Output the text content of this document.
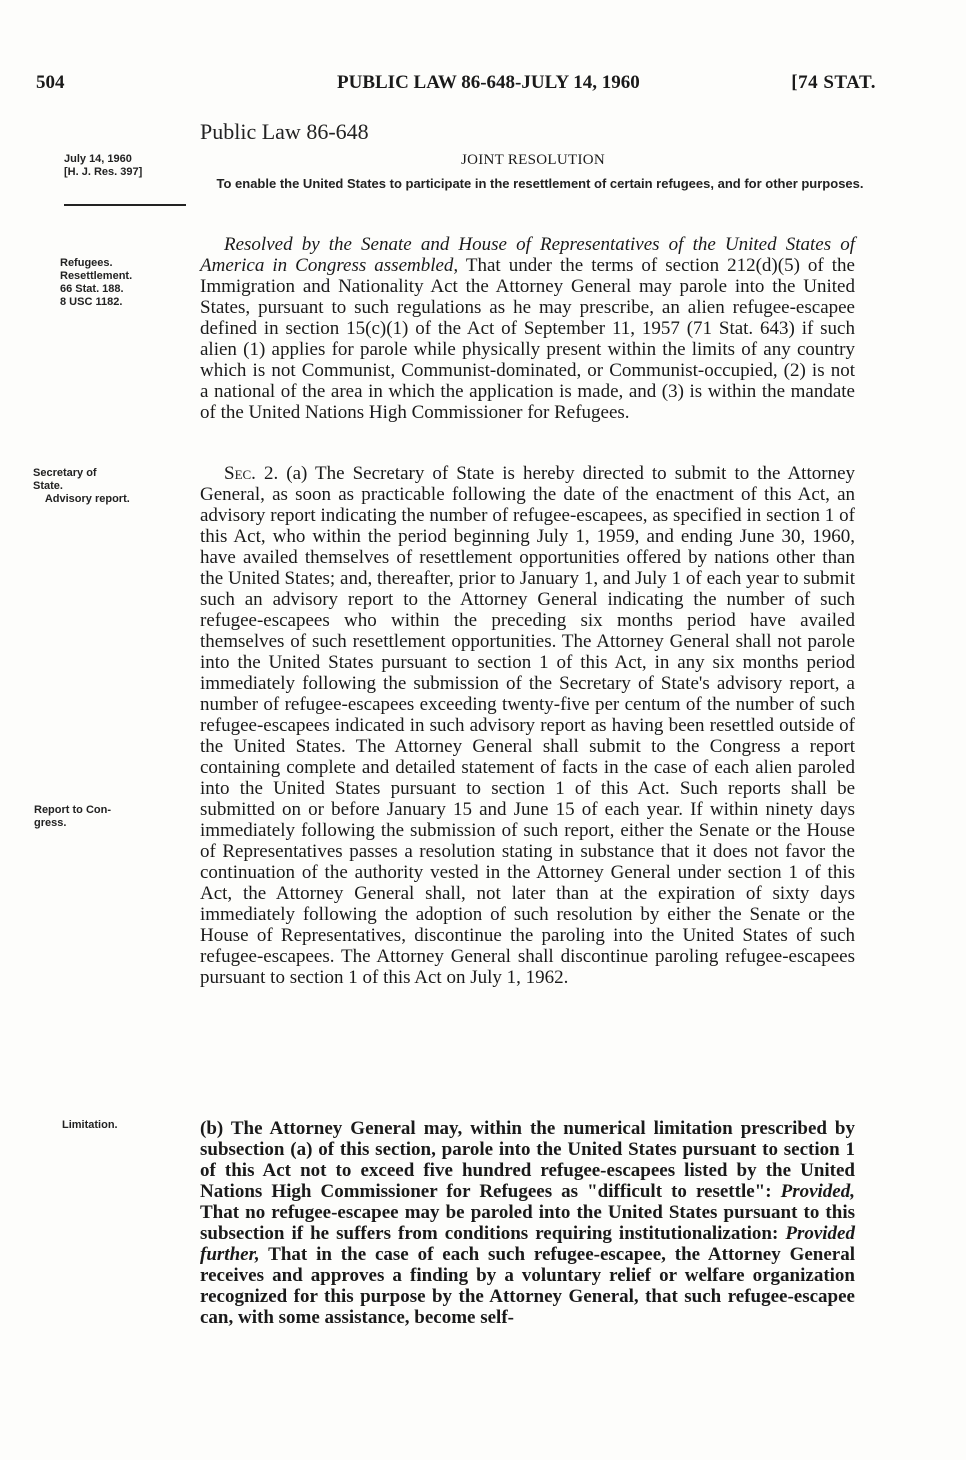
504	PUBLIC LAW 86-648-JULY 14, 1960	[74 STAT.
July 14, 1960
[H. J. Res. 397]
Refugees.
Resettlement.
66 Stat. 188.
8 USC 1182.
Secretary of
State.
Advisory report.
Report to Con-
gress.
Limitation.
Public Law 86-648
JOINT RESOLUTION
To enable the United States to participate in the resettlement of certain refugees, and for other purposes.

Resolved by the Senate and House of Representatives of the United States of America in Congress assembled, That under the terms of section 212(d)(5) of the Immigration and Nationality Act the Attorney General may parole into the United States, pursuant to such regulations as he may prescribe, an alien refugee-escapee defined in section 15(c)(1) of the Act of September 11, 1957 (71 Stat. 643) if such alien (1) applies for parole while physically present within the limits of any country which is not Communist, Communist-dominated, or Communist-occupied, (2) is not a national of the area in which the application is made, and (3) is within the mandate of the United Nations High Commissioner for Refugees.

Sec. 2. (a) The Secretary of State is hereby directed to submit to the Attorney General, as soon as practicable following the date of the enactment of this Act, an advisory report indicating the number of refugee-escapees, as specified in section 1 of this Act, who within the period beginning July 1, 1959, and ending June 30, 1960, have availed themselves of resettlement opportunities offered by nations other than the United States; and, thereafter, prior to January 1, and July 1 of each year to submit such an advisory report to the Attorney General indicating the number of such refugee-escapees who within the preceding six months period have availed themselves of such resettlement opportunities. The Attorney General shall not parole into the United States pursuant to section 1 of this Act, in any six months period immediately following the submission of the Secretary of State's advisory report, a number of refugee-escapees exceeding twenty-five per centum of the number of such refugee-escapees indicated in such advisory report as having been resettled outside of the United States. The Attorney General shall submit to the Congress a report containing complete and detailed statement of facts in the case of each alien paroled into the United States pursuant to section 1 of this Act. Such reports shall be submitted on or before January 15 and June 15 of each year. If within ninety days immediately following the submission of such report, either the Senate or the House of Representatives passes a resolution stating in substance that it does not favor the continuation of the authority vested in the Attorney General under section 1 of this Act, the Attorney General shall, not later than at the expiration of sixty days immediately following the adoption of such resolution by either the Senate or the House of Representatives, discontinue the paroling into the United States of such refugee-escapees. The Attorney General shall discontinue paroling refugee-escapees pursuant to section 1 of this Act on July 1, 1962.

(b) The Attorney General may, within the numerical limitation prescribed by subsection (a) of this section, parole into the United States pursuant to section 1 of this Act not to exceed five hundred refugee-escapees listed by the United Nations High Commissioner for Refugees as "difficult to resettle": Provided, That no refugee-escapee may be paroled into the United States pursuant to this subsection if he suffers from conditions requiring institutionalization: Provided further, That in the case of each such refugee-escapee, the Attorney General receives and approves a finding by a voluntary relief or welfare organization recognized for this purpose by the Attorney General, that such refugee-escapee can, with some assistance, become self-
